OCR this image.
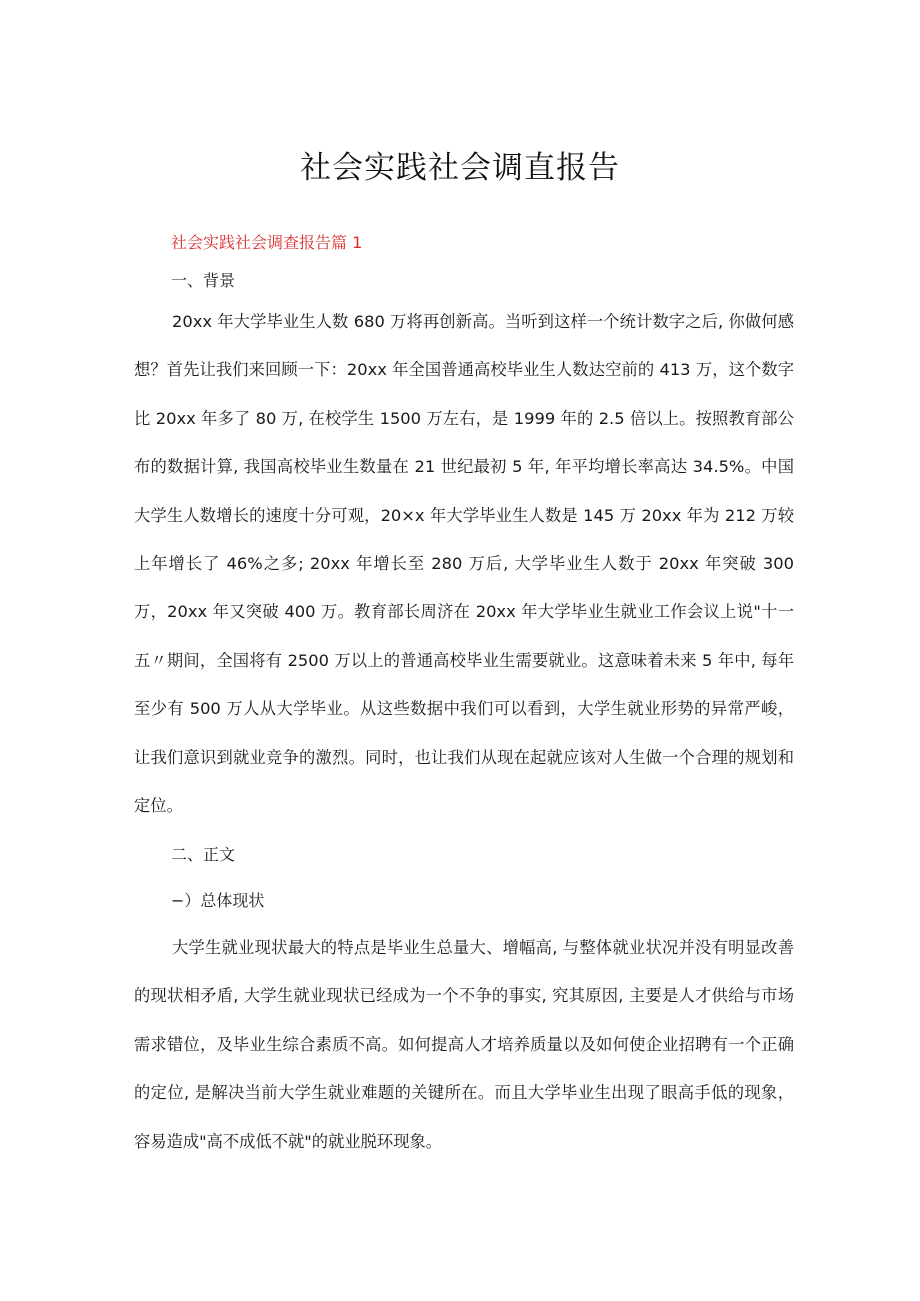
社会实践社会调直报告

社会实践社会调查报告篇 1

一、背景

20xx 年大学毕业生人数 680 万将再创新高。当听到这样一个统计数字之后, 你做何感想？首先让我们来回顾一下：20xx 年全国普通高校毕业生人数达空前的 413 万，这个数字比 20xx 年多了 80 万, 在校学生 1500 万左右，是 1999 年的 2.5 倍以上。按照教育部公布的数据计算, 我国高校毕业生数量在 21 世纪最初 5 年, 年平均增长率高达 34.5%。中国大学生人数增长的速度十分可观，20×x 年大学毕业生人数是 145 万 20xx 年为 212 万较上年增长了 46%之多; 20xx 年增长至 280 万后, 大学毕业生人数于 20xx 年突破 300 万，20xx 年又突破 400 万。教育部长周济在 20xx 年大学毕业生就业工作会议上说"十一五〃期间，全国将有 2500 万以上的普通高校毕业生需要就业。这意味着未来 5 年中, 每年至少有 500 万人从大学毕业。从这些数据中我们可以看到，大学生就业形势的异常严峻，让我们意识到就业竞争的激烈。同时，也让我们从现在起就应该对人生做一个合理的规划和定位。

二、正文

−）总体现状

大学生就业现状最大的特点是毕业生总量大、增幅高, 与整体就业状况并没有明显改善的现状相矛盾, 大学生就业现状已经成为一个不争的事实, 究其原因, 主要是人才供给与市场需求错位，及毕业生综合素质不高。如何提高人才培养质量以及如何使企业招聘有一个正确的定位, 是解决当前大学生就业难题的关键所在。而且大学毕业生出现了眼高手低的现象，容易造成"高不成低不就"的就业脱环现象。
